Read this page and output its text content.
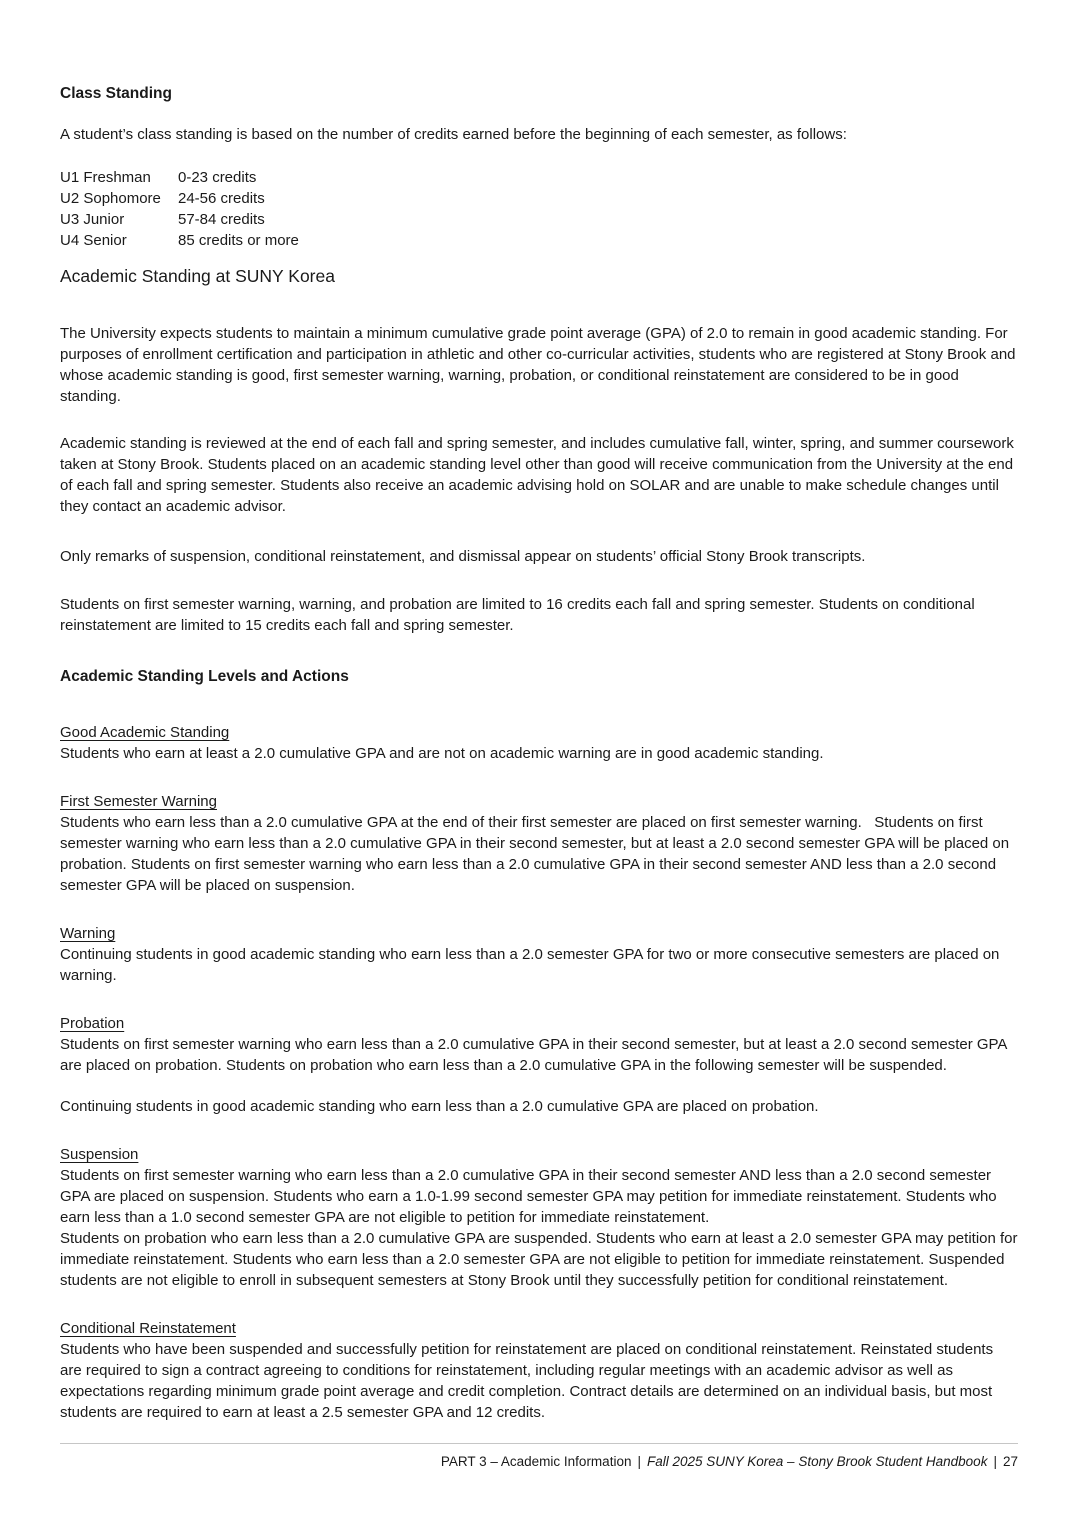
Class Standing

A student’s class standing is based on the number of credits earned before the beginning of each semester, as follows:

U1 Freshman	0-23 credits
U2 Sophomore	24-56 credits
U3 Junior	57-84 credits
U4 Senior	85 credits or more
Academic Standing at SUNY Korea

The University expects students to maintain a minimum cumulative grade point average (GPA) of 2.0 to remain in good academic standing. For purposes of enrollment certification and participation in athletic and other co-curricular activities, students who are registered at Stony Brook and whose academic standing is good, first semester warning, warning, probation, or conditional reinstatement are considered to be in good standing.

Academic standing is reviewed at the end of each fall and spring semester, and includes cumulative fall, winter, spring, and summer coursework taken at Stony Brook. Students placed on an academic standing level other than good will receive communication from the University at the end of each fall and spring semester. Students also receive an academic advising hold on SOLAR and are unable to make schedule changes until they contact an academic advisor.

Only remarks of suspension, conditional reinstatement, and dismissal appear on students’ official Stony Brook transcripts.

Students on first semester warning, warning, and probation are limited to 16 credits each fall and spring semester. Students on conditional reinstatement are limited to 15 credits each fall and spring semester.

Academic Standing Levels and Actions
Good Academic Standing

Students who earn at least a 2.0 cumulative GPA and are not on academic warning are in good academic standing.

First Semester Warning

Students who earn less than a 2.0 cumulative GPA at the end of their first semester are placed on first semester warning.   Students on first semester warning who earn less than a 2.0 cumulative GPA in their second semester, but at least a 2.0 second semester GPA will be placed on probation. Students on first semester warning who earn less than a 2.0 cumulative GPA in their second semester AND less than a 2.0 second semester GPA will be placed on suspension.

Warning

Continuing students in good academic standing who earn less than a 2.0 semester GPA for two or more consecutive semesters are placed on warning.

Probation

Students on first semester warning who earn less than a 2.0 cumulative GPA in their second semester, but at least a 2.0 second semester GPA are placed on probation. Students on probation who earn less than a 2.0 cumulative GPA in the following semester will be suspended.

Continuing students in good academic standing who earn less than a 2.0 cumulative GPA are placed on probation.

Suspension

Students on first semester warning who earn less than a 2.0 cumulative GPA in their second semester AND less than a 2.0 second semester GPA are placed on suspension. Students who earn a 1.0-1.99 second semester GPA may petition for immediate reinstatement. Students who earn less than a 1.0 second semester GPA are not eligible to petition for immediate reinstatement.

Students on probation who earn less than a 2.0 cumulative GPA are suspended. Students who earn at least a 2.0 semester GPA may petition for immediate reinstatement. Students who earn less than a 2.0 semester GPA are not eligible to petition for immediate reinstatement. Suspended students are not eligible to enroll in subsequent semesters at Stony Brook until they successfully petition for conditional reinstatement.

Conditional Reinstatement

Students who have been suspended and successfully petition for reinstatement are placed on conditional reinstatement. Reinstated students are required to sign a contract agreeing to conditions for reinstatement, including regular meetings with an academic advisor as well as expectations regarding minimum grade point average and credit completion. Contract details are determined on an individual basis, but most students are required to earn at least a 2.5 semester GPA and 12 credits.

PART 3 – Academic Information | Fall 2025 SUNY Korea – Stony Brook Student Handbook | 27
